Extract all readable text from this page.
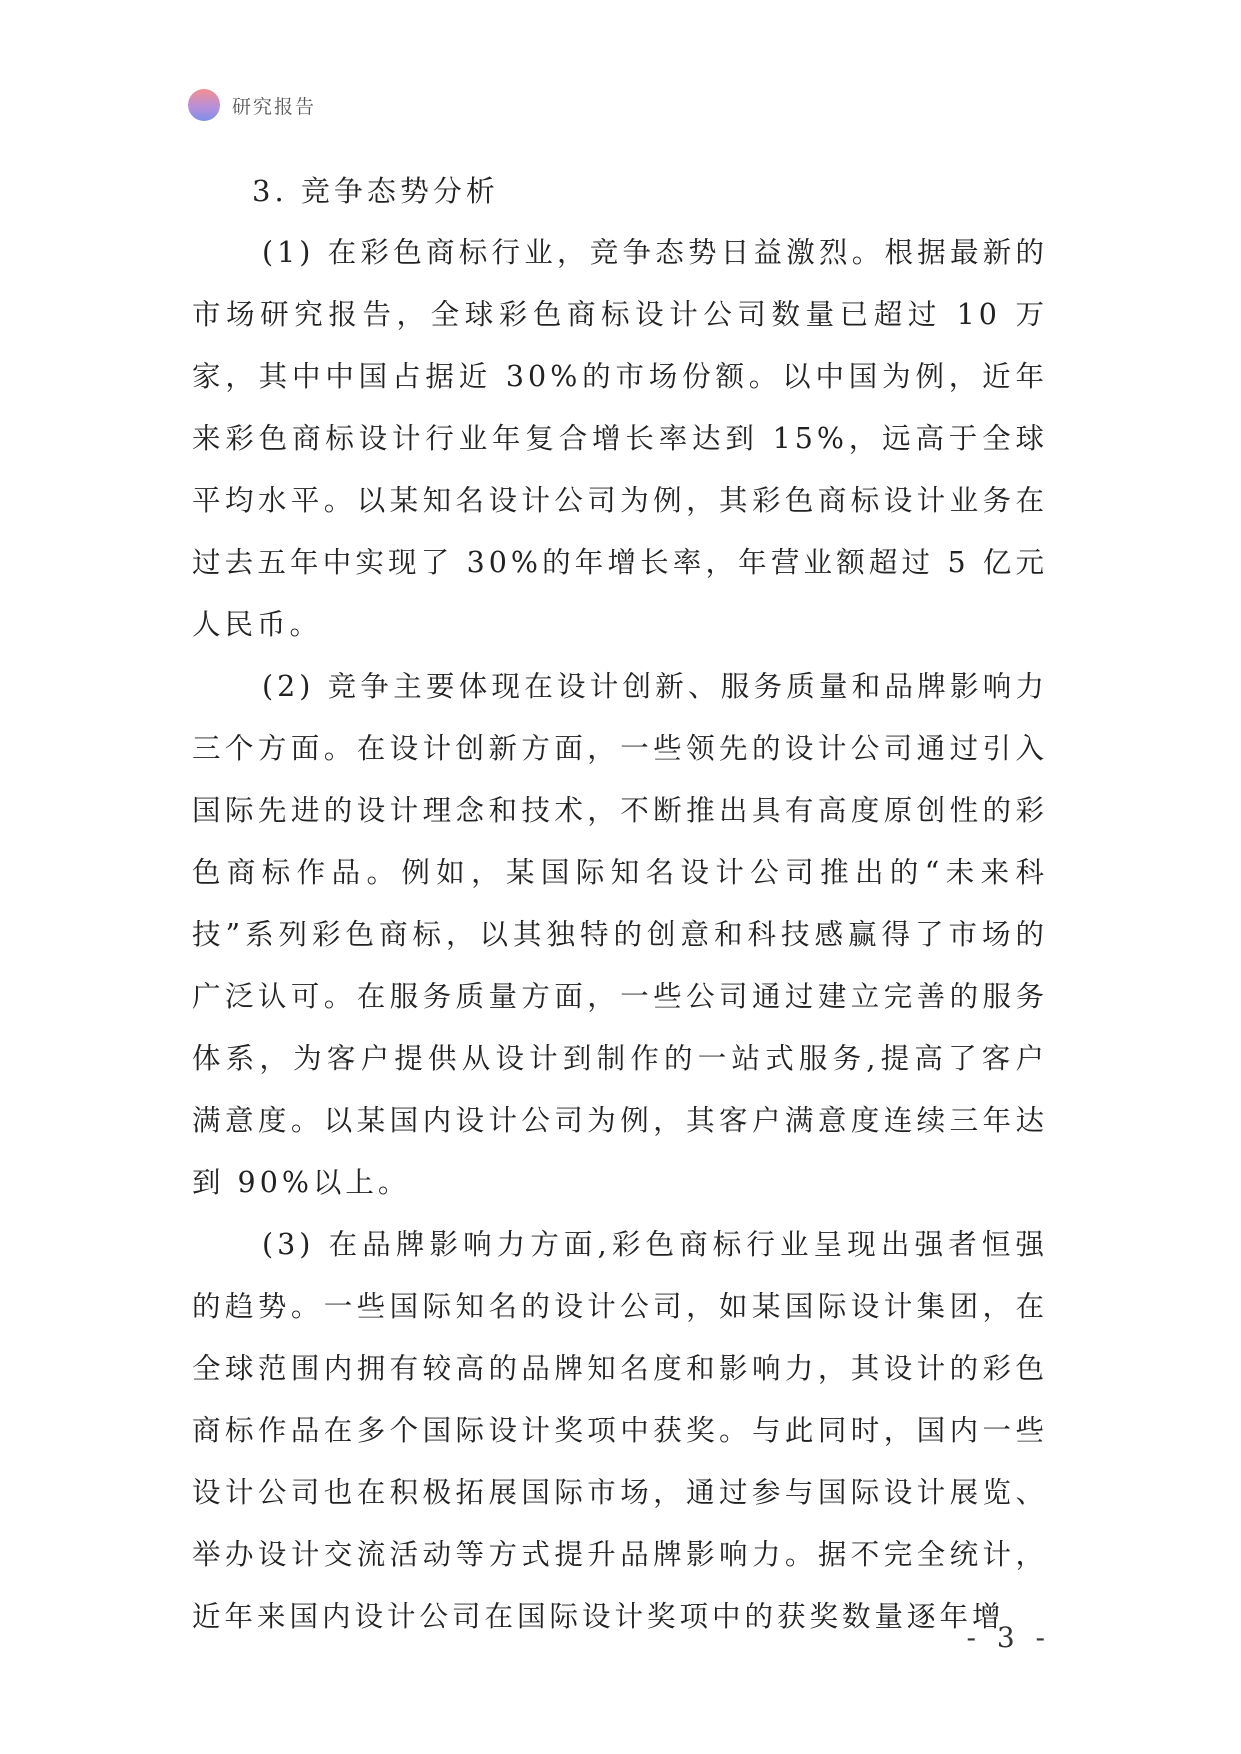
研究报告
3. 竞争态势分析

(1) 在彩色商标行业，竞争态势日益激烈。根据最新的市场研究报告，全球彩色商标设计公司数量已超过 10 万家，其中中国占据近 30%的市场份额。以中国为例，近年来彩色商标设计行业年复合增长率达到 15%，远高于全球平均水平。以某知名设计公司为例，其彩色商标设计业务在过去五年中实现了 30%的年增长率，年营业额超过 5 亿元人民币。

(2) 竞争主要体现在设计创新、服务质量和品牌影响力三个方面。在设计创新方面，一些领先的设计公司通过引入国际先进的设计理念和技术，不断推出具有高度原创性的彩色商标作品。例如，某国际知名设计公司推出的“未来科技”系列彩色商标，以其独特的创意和科技感赢得了市场的广泛认可。在服务质量方面，一些公司通过建立完善的服务体系，为客户提供从设计到制作的一站式服务,提高了客户满意度。以某国内设计公司为例，其客户满意度连续三年达到 90%以上。

(3) 在品牌影响力方面,彩色商标行业呈现出强者恒强的趋势。一些国际知名的设计公司，如某国际设计集团，在全球范围内拥有较高的品牌知名度和影响力，其设计的彩色商标作品在多个国际设计奖项中获奖。与此同时，国内一些设计公司也在积极拓展国际市场，通过参与国际设计展览、举办设计交流活动等方式提升品牌影响力。据不完全统计，近年来国内设计公司在国际设计奖项中的获奖数量逐年增

- 3 -
